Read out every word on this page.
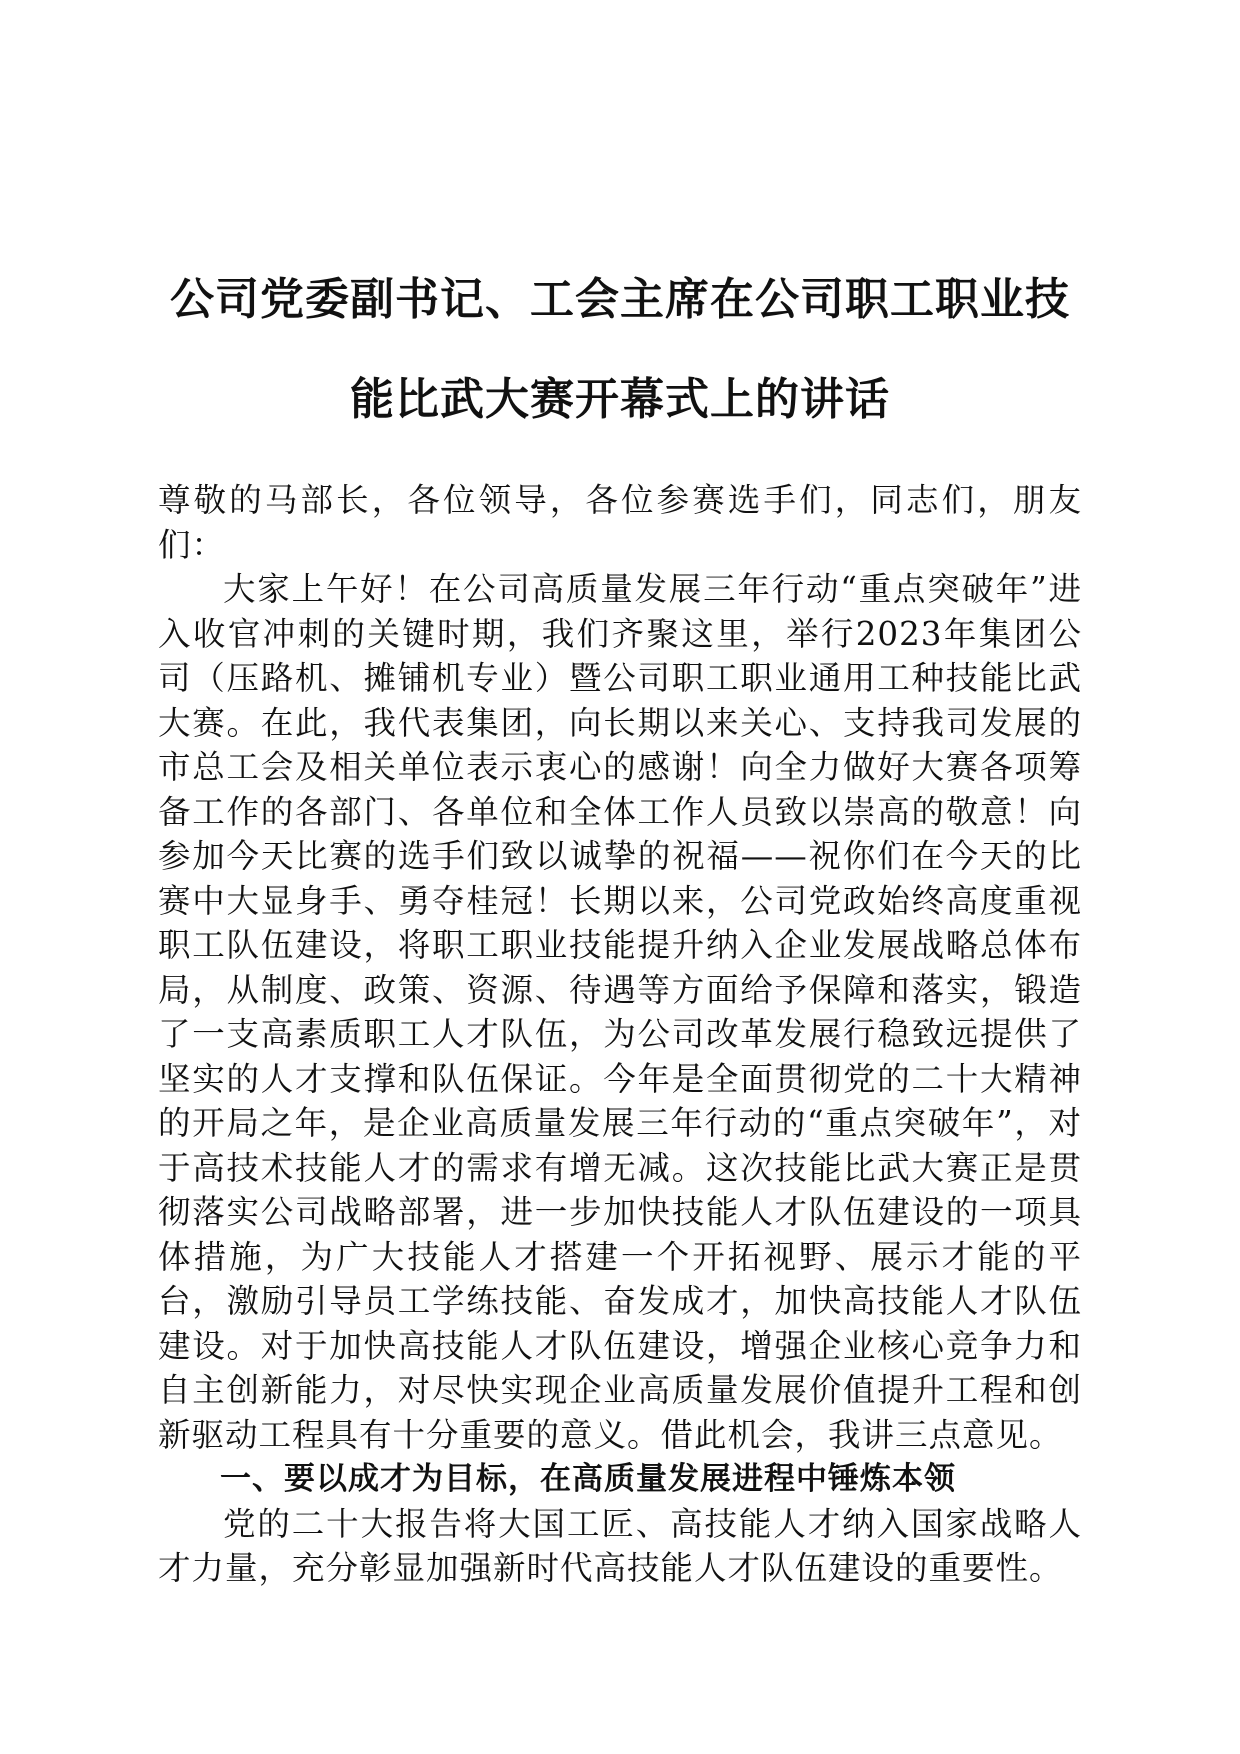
公司党委副书记、工会主席在公司职工职业技
能比武大赛开幕式上的讲话

尊敬的马部长，各位领导，各位参赛选手们，同志们，朋友们：

大家上午好！在公司高质量发展三年行动“重点突破年”进入收官冲刺的关键时期，我们齐聚这里，举行2023年集团公司（压路机、摊铺机专业）暨公司职工职业通用工种技能比武大赛。在此，我代表集团，向长期以来关心、支持我司发展的市总工会及相关单位表示衷心的感谢！向全力做好大赛各项筹备工作的各部门、各单位和全体工作人员致以崇高的敬意！向参加今天比赛的选手们致以诚挚的祝福——祝你们在今天的比赛中大显身手、勇夺桂冠！长期以来，公司党政始终高度重视职工队伍建设，将职工职业技能提升纳入企业发展战略总体布局，从制度、政策、资源、待遇等方面给予保障和落实，锻造了一支高素质职工人才队伍，为公司改革发展行稳致远提供了坚实的人才支撑和队伍保证。今年是全面贯彻党的二十大精神的开局之年，是企业高质量发展三年行动的“重点突破年”，对于高技术技能人才的需求有增无减。这次技能比武大赛正是贯彻落实公司战略部署，进一步加快技能人才队伍建设的一项具体措施，为广大技能人才搭建一个开拓视野、展示才能的平台，激励引导员工学练技能、奋发成才，加快高技能人才队伍建设。对于加快高技能人才队伍建设，增强企业核心竞争力和自主创新能力，对尽快实现企业高质量发展价值提升工程和创新驱动工程具有十分重要的意义。借此机会，我讲三点意见。

一、要以成才为目标，在高质量发展进程中锤炼本领

党的二十大报告将大国工匠、高技能人才纳入国家战略人才力量，充分彰显加强新时代高技能人才队伍建设的重要性。
